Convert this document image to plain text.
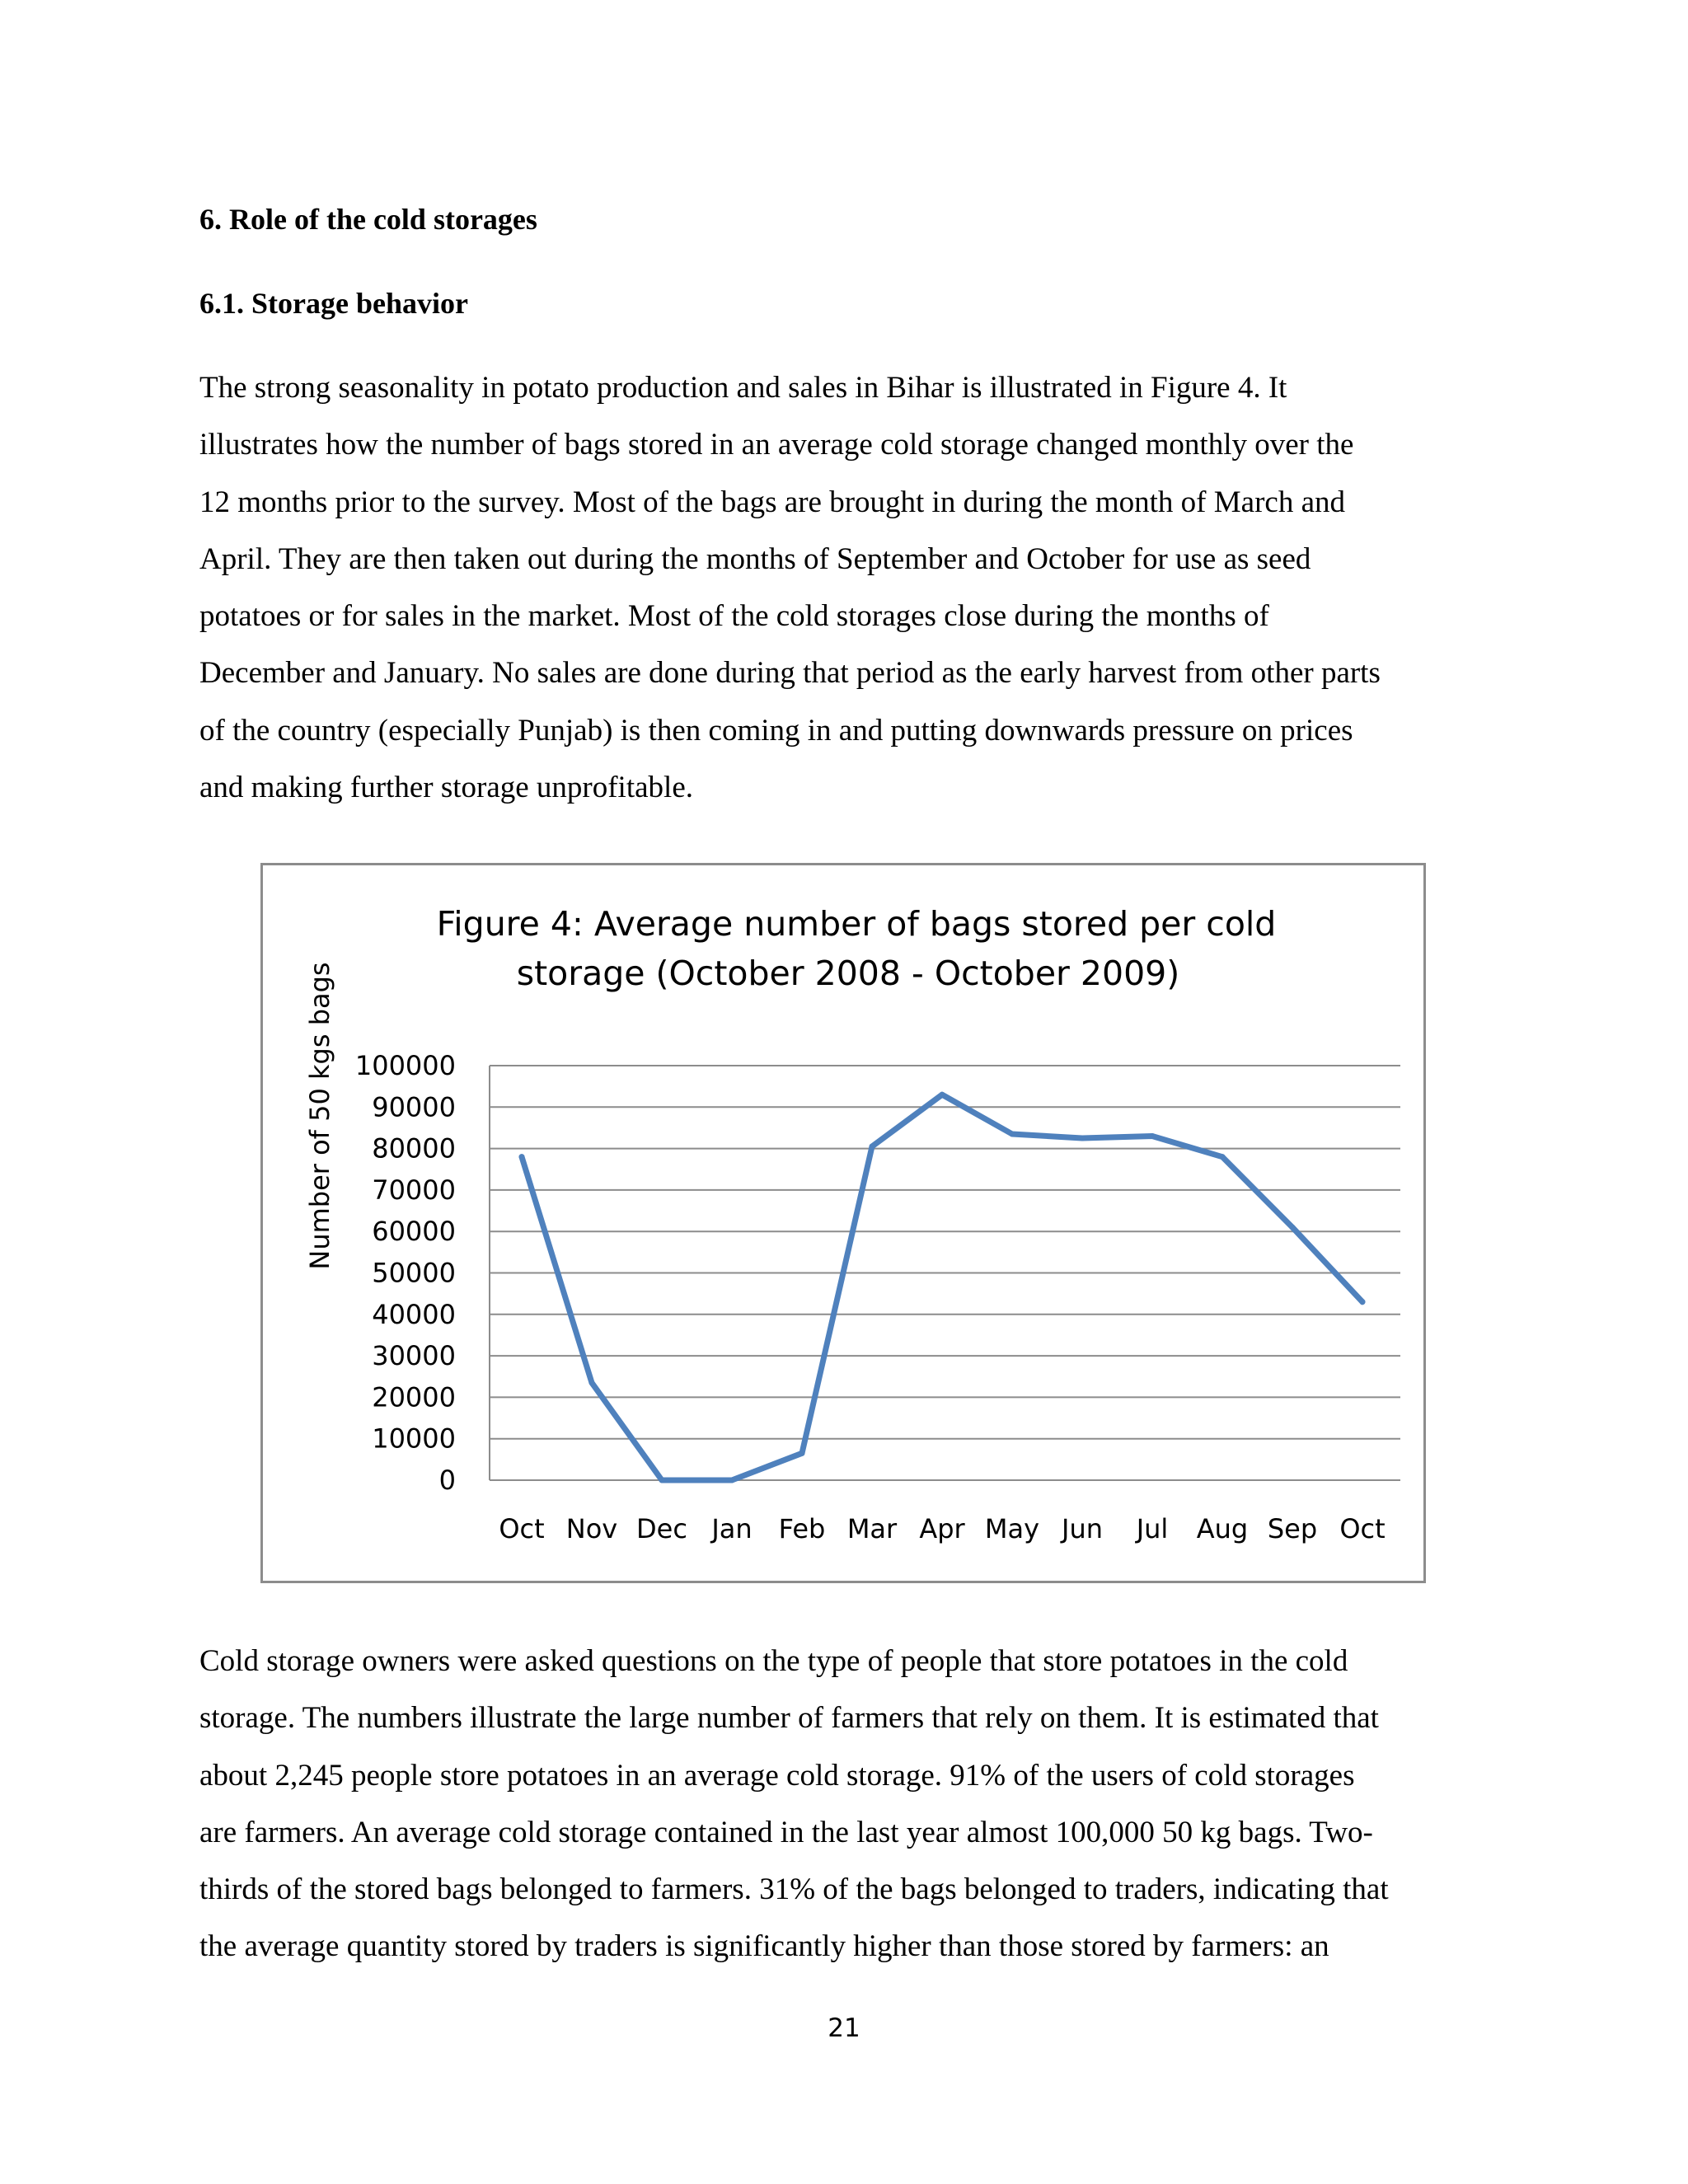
6. Role of the cold storages
6.1. Storage behavior

The strong seasonality in potato production and sales in Bihar is illustrated in Figure 4. It
illustrates how the number of bags stored in an average cold storage changed monthly over the
12 months prior to the survey. Most of the bags are brought in during the month of March and
April. They are then taken out during the months of September and October for use as seed
potatoes or for sales in the market. Most of the cold storages close during the months of
December and January. No sales are done during that period as the early harvest from other parts
of the country (especially Punjab) is then coming in and putting downwards pressure on prices
and making further storage unprofitable.

Figure 4: Average number of bags stored per cold
storage (October 2008 - October 2009)
Number of 50 kgs bags 100000
90000
80000
70000
60000
50000
40000
30000
20000
10000
0
Oct Nov Dec Jan Feb Mar Apr May Jun Jul Aug Sep Oct

Cold storage owners were asked questions on the type of people that store potatoes in the cold
storage. The numbers illustrate the large number of farmers that rely on them. It is estimated that
about 2,245 people store potatoes in an average cold storage. 91% of the users of cold storages
are farmers. An average cold storage contained in the last year almost 100,000 50 kg bags. Two-
thirds of the stored bags belonged to farmers. 31% of the bags belonged to traders, indicating that
the average quantity stored by traders is significantly higher than those stored by farmers: an

21
